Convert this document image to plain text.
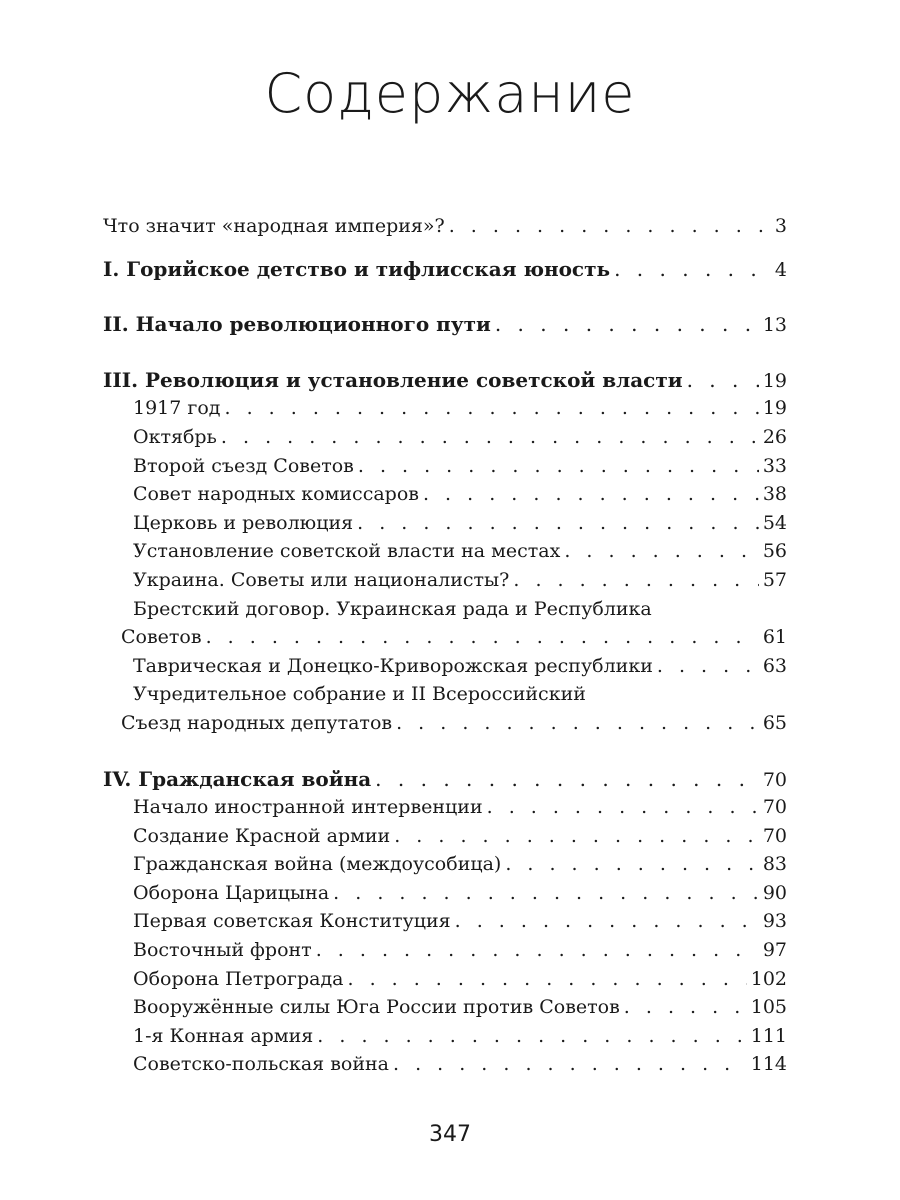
Содержание
Что значит «народная империя»? . . .	3
I. Горийское детство и тифлисская юность . . .	4
II. Начало революционного пути . . .	13
III. Революция и установление советской власти . . .	19
1917 год . . .	19
Октябрь . . .	26
Второй съезд Советов . . .	33
Совет народных комиссаров . . .	38
Церковь и революция . . .	54
Установление советской власти на местах . . .	56
Украина. Советы или националисты? . . .	57
Брестский договор. Украинская рада и Республика
Советов . . .	61
Таврическая и Донецко-Криворожская республики . . .	63
Учредительное собрание и II Всероссийский
Съезд народных депутатов . . .	65
IV. Гражданская война . . .	70
Начало иностранной интервенции . . .	70
Создание Красной армии . . .	70
Гражданская война (междоусобица) . . .	83
Оборона Царицына . . .	90
Первая советская Конституция . . .	93
Восточный фронт . . .	97
Оборона Петрограда . . .	102
Вооружённые силы Юга России против Советов . . .	105
1-я Конная армия . . .	111
Советско-польская война . . .	114
347
